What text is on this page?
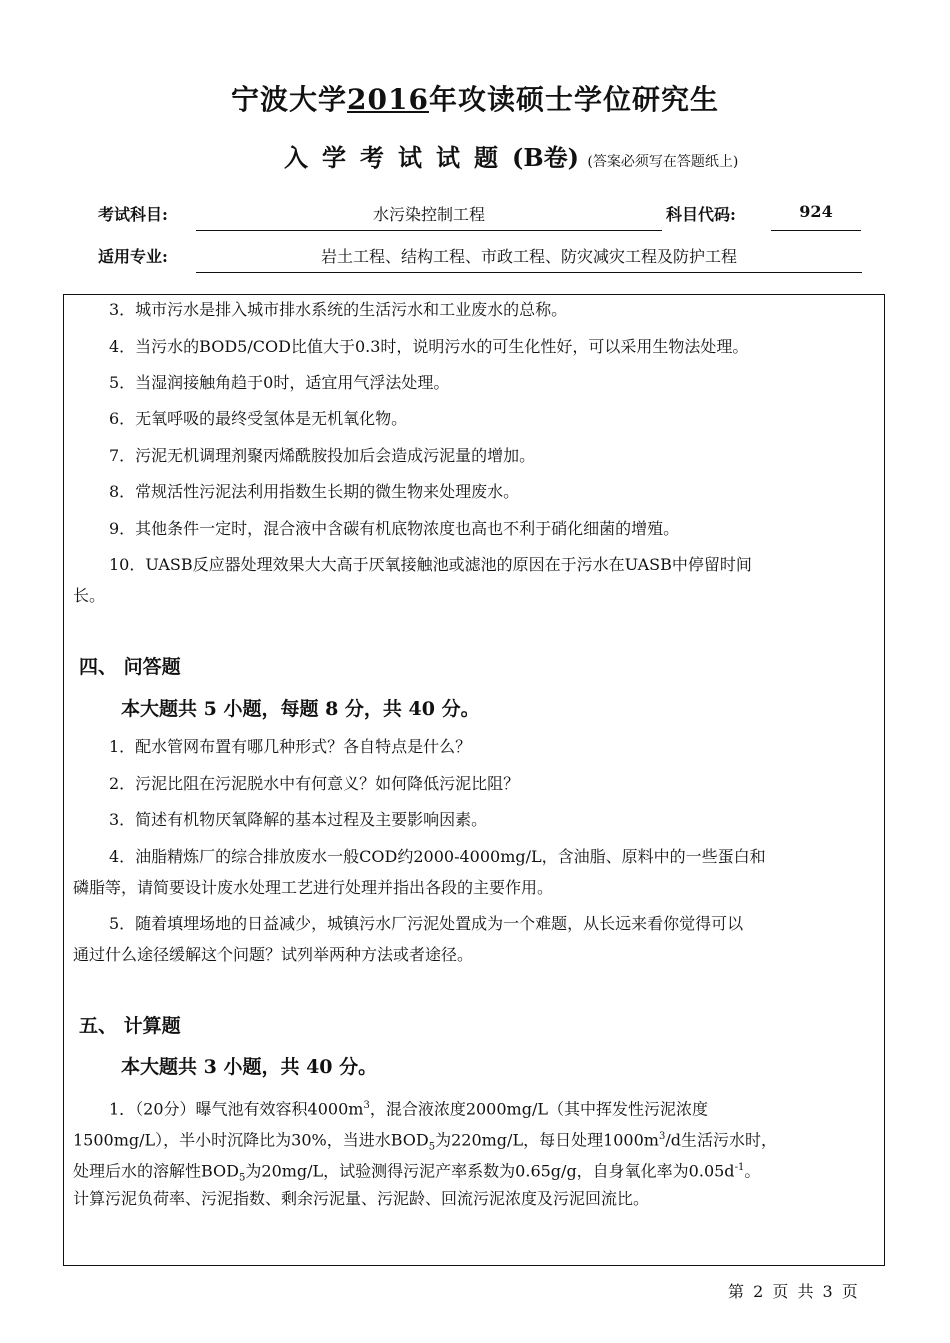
宁波大学2016年攻读硕士学位研究生
入学考试试题(B卷) (答案必须写在答题纸上)
考试科目:	水污染控制工程	科目代码:	924
适用专业:	岩土工程、结构工程、市政工程、防灾减灾工程及防护工程
3．城市污水是排入城市排水系统的生活污水和工业废水的总称。
4．当污水的BOD5/COD比值大于0.3时，说明污水的可生化性好，可以采用生物法处理。
5．当湿润接触角趋于0时，适宜用气浮法处理。
6．无氧呼吸的最终受氢体是无机氧化物。
7．污泥无机调理剂聚丙烯酰胺投加后会造成污泥量的增加。
8．常规活性污泥法利用指数生长期的微生物来处理废水。
9．其他条件一定时，混合液中含碳有机底物浓度也高也不利于硝化细菌的增殖。
10．UASB反应器处理效果大大高于厌氧接触池或滤池的原因在于污水在UASB中停留时间
长。
四、 问答题
本大题共 5 小题，每题 8 分，共 40 分。
1．配水管网布置有哪几种形式？各自特点是什么？
2．污泥比阻在污泥脱水中有何意义？如何降低污泥比阻？
3．简述有机物厌氧降解的基本过程及主要影响因素。
4．油脂精炼厂的综合排放废水一般COD约2000-4000mg/L，含油脂、原料中的一些蛋白和
磷脂等，请简要设计废水处理工艺进行处理并指出各段的主要作用。
5．随着填埋场地的日益减少，城镇污水厂污泥处置成为一个难题，从长远来看你觉得可以
通过什么途径缓解这个问题？试列举两种方法或者途径。
五、 计算题
本大题共 3 小题，共 40 分。
1．（20分）曝气池有效容积$4000m^3$，混合液浓度2000mg/L（其中挥发性污泥浓度
1500mg/L），半小时沉降比为30%，当进水$BOD_5$为220mg/L，每日处理$1000m^3/d$生活污水时，
处理后水的溶解性$BOD_5$为20mg/L，试验测得污泥产率系数为0.65g/g，自身氧化率为$0.05d^{-1}$。
计算污泥负荷率、污泥指数、剩余污泥量、污泥龄、回流污泥浓度及污泥回流比。
第 2 页 共 3 页
